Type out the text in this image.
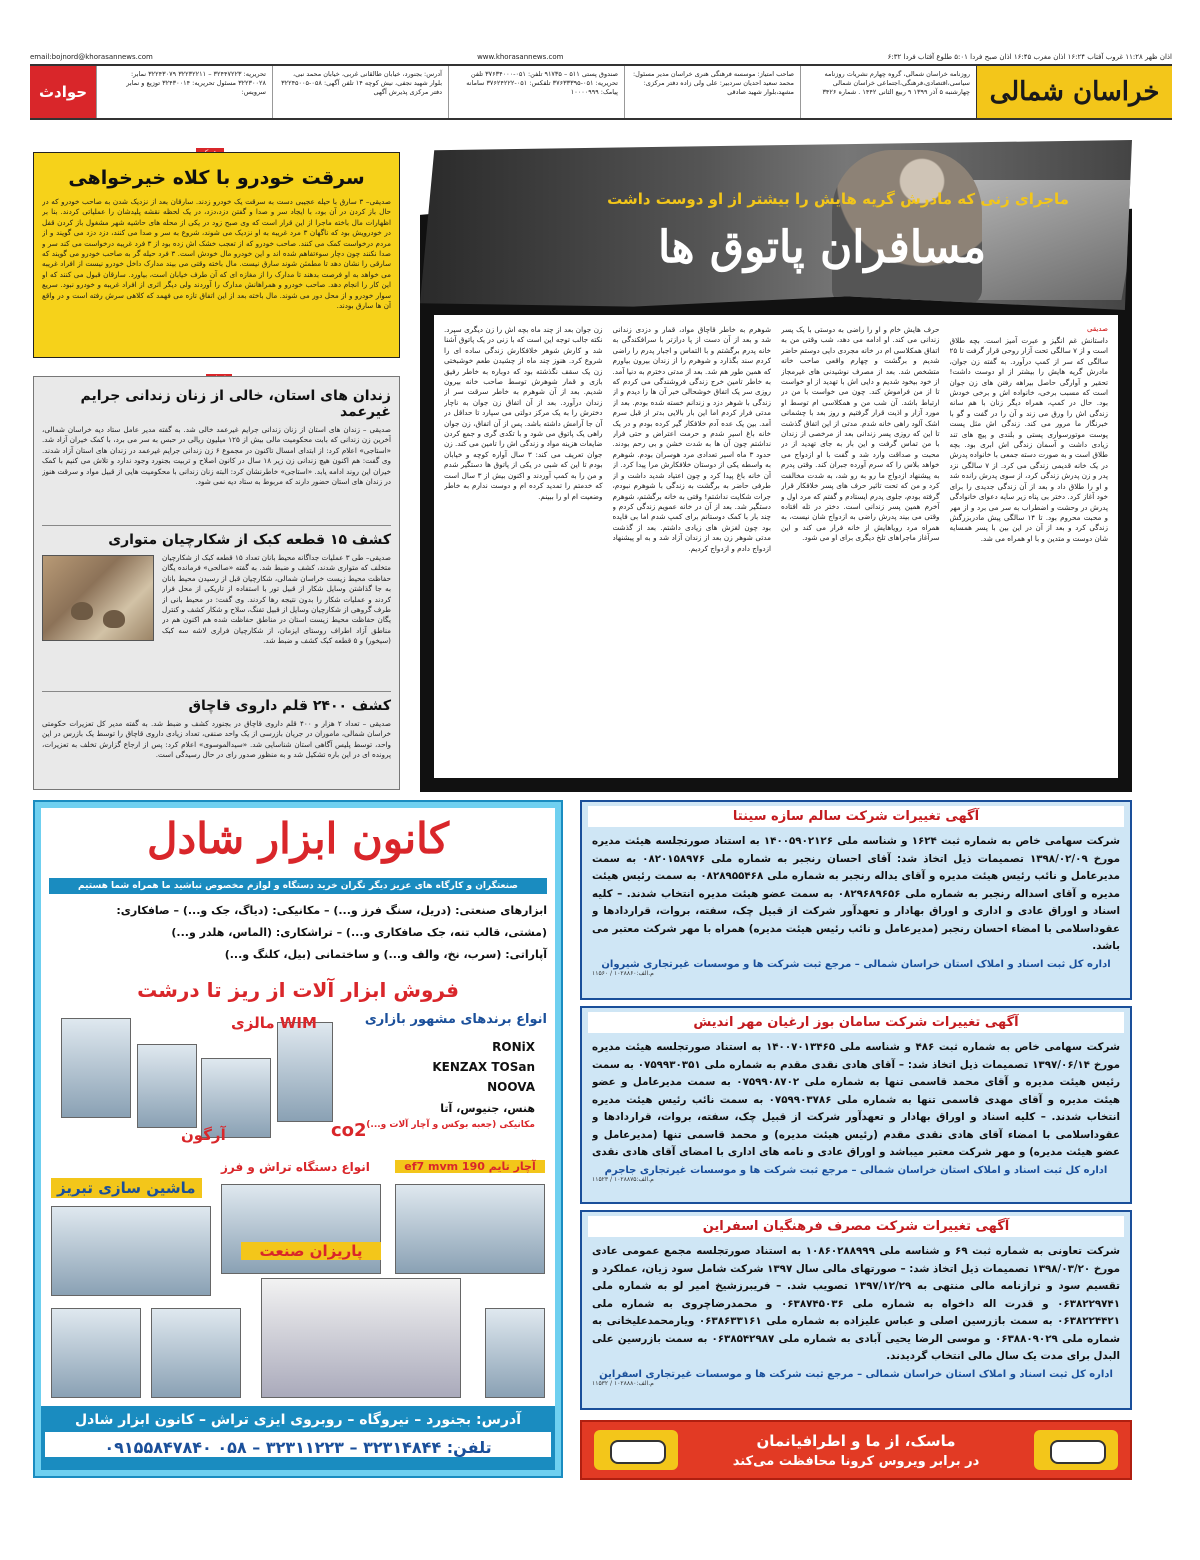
اذان ظهر ۱۱:۲۸ غروب آفتاب ۱۶:۲۴ اذان مغرب ۱۶:۴۵ اذان صبح فردا ۵:۰۱ طلوع آفتاب فردا ۶:۳۲
www.khorasannews.com
email:bojnord@khorasannews.com
خراسان شمالی
روزنامه خراسان شمالی، گروه چهارم نشریات روزنامه سیاسی،اقتصادی،فرهنگی،اجتماعی خراسان شمالی چهارشنبه ۵ آذر ۱۳۹۹ ۹ ربیع الثانی ۱۴۴۲ . شماره ۳۴۲۶
صاحب امتیاز: موسسه فرهنگی هنری خراسان مدیر مسئول: محمد سعید احدیان سردبیر: علی ولی زاده دفتر مرکزی: مشهد،بلوار شهید صادقی
صندوق پستی ۵۱۱ – ۹۱۷۳۵ تلفن: ۰۵۱-۳۷۶۳۴۰۰۰ تلفن تحریریه: ۰۵۱-۳۷۶۳۳۳۹۵ تلفکس: ۰۵۱-۳۷۶۲۴۲۲۲ سامانه پیامک: ۱۰۰۰۰۹۹۹
آدرس: بجنورد، خیابان طالقانی غربی، خیابان محمد نبی، بلوار شهید نجفی، نیش کوچه ۱۴ تلفن آگهی: ۰۵۸-۳۲۲۴۵۰۰۵ دفتر مرکزی پذیرش آگهی
تحریریه: ۳۲۴۴۷۲۲۳ – ۳۲۲۳۲۲۱۱ ۳۲۲۴۳۰۷۹ نمابر: ۳۲۲۳۰۰۲۸ مسئول تحریریه: ۳۲۴۳۰۰۱۴ توزیع و نمابر سرویس:
حوادث
سرقت خودرو با کلاه خیرخواهی
صدیقی– ۳ سارق با حیله عجیبی دست به سرقت یک خودرو زدند. سارقان بعد از نزدیک شدن به صاحب خودرو که در حال باز کردن در آن بود، با ایجاد سر و صدا و گفتن دزد،دزد، در یک لحظه نقشه پلیدشان را عملیاتی کردند. بنا بر اظهارات مال باخته ماجرا از این قرار است که وی صبح زود در یکی از محله های حاشیه شهر مشغول باز کردن قفل در خودرویش بود که ناگهان ۳ مرد غریبه به او نزدیک می شوند، شروع به سر و صدا می کنند، دزد دزد می گویند و از مردم درخواست کمک می کنند. صاحب خودرو که از تعجب خشک اش زده بود از ۳ فرد غریبه درخواست می کند سر و صدا نکنند چون دچار سوءتفاهم شده اند و این خودرو مال خودش است. ۳ فرد حیله گر به صاحب خودرو می گویند که سارقی را نشان دهد تا مطمئن شوند سارق نیست. مال باخته وقتی می بیند مدارک داخل خودرو نیست از افراد غریبه می خواهد به او فرصت بدهند تا مدارک را از مغازه ای که آن طرف خیابان است، بیاورد. سارقان قبول می کنند که او این کار را انجام دهد. صاحب خودرو و همراهانش مدارک را آوردند ولی دیگر اثری از افراد غریبه و خودرو نبود. سریع سوار خودرو و از محل دور می شوند. مال باخته بعد از این اتفاق تازه می فهمد که کلاهی سرش رفته است و در واقع آن ها سارق بودند.
زندان های استان، خالی از زنان زندانی جرایم غیرعمد
صدیقی – زندان های استان از زنان زندانی جرایم غیرعمد خالی شد. به گفته مدیر عامل ستاد دیه خراسان شمالی، آخرین زن زندانی که بابت محکومیت مالی بیش از ۱۲۵ میلیون ریالی در حبس به سر می برد، با کمک خیران آزاد شد. «استاجی» اعلام کرد: از ابتدای امسال تاکنون در مجموع ۶ زن زندانی جرایم غیرعمد در زندان های استان آزاد شدند. وی گفت: هم اکنون هیچ زندانی زن زیر ۱۸ سال در کانون اصلاح و تربیت بجنورد وجود ندارد و تلاش می کنیم با کمک خیران این روند ادامه یابد. «استاجی» خاطرنشان کرد: البته زنان زندانی با محکومیت هایی از قبیل مواد و سرقت هنوز در زندان های استان حضور دارند که مربوط به ستاد دیه نمی شود.
کشف ۱۵ قطعه کبک از شکارچیان متواری
صدیقی– طی ۳ عملیات جداگانه محیط بانان تعداد ۱۵ قطعه کبک از شکارچیان متخلف که متواری شدند، کشف و ضبط شد. به گفته «صالحی» فرمانده یگان حفاظت محیط زیست خراسان شمالی، شکارچیان قبل از رسیدن محیط بانان به جا گذاشتن وسایل شکار از قبیل تور با استفاده از تاریکی از محل فرار کردند و عملیات شکار را بدون نتیجه رها کردند. وی گفت: در محیط بانی از طرف گروهی از شکارچیان وسایل از قبیل تفنگ، سلاح و شکار کشف و کنترل یگان حفاظت محیط زیست استان در مناطق حفاظت شده هم اکنون هم در مناطق آزاد اطراف روستای ایزمان، از شکارچیان فراری لاشه سه کبک (سیخور) و ۵ قطعه کبک کشف و ضبط شد.
کشف ۲۴۰۰ قلم داروی قاچاق
صدیقی – تعداد ۲ هزار و ۴۰۰ قلم داروی قاچاق در بجنورد کشف و ضبط شد. به گفته مدیر کل تعزیرات حکومتی خراسان شمالی، ماموران در جریان بازرسی از یک واحد صنفی، تعداد زیادی داروی قاچاق را توسط یک بازرس در این واحد، توسط پلیس آگاهی استان شناسایی شد. «سیدالموسوی» اعلام کرد: پس از ارجاع گزارش تخلف به تعزیرات، پرونده ای در این باره تشکیل شد و به منظور صدور رای در حال رسیدگی است.
ماجرای زنی که مادرش گریه هایش را بیشتر از او دوست داشت
مسافران پاتوق ها
صدیقی
داستانش غم انگیز و عبرت آمیز است. بچه طلاق است و از ۷ سالگی تحت آزار روحی قرار گرفت تا ۲۵ سالگی که سر از کمپ درآورد. به گفته زن جوان، مادرش گریه هایش را بیشتر از او دوست داشت! تحقیر و آوارگی حاصل بیراهه رفتن های زن جوان است که مسبب برخی، خانواده اش و برخی خودش بود. حال در کمپ، همراه دیگر زنان با هم سانه زندگی اش را ورق می زند و آن را در گفت و گو با خبرنگار ما مرور می کند. زندگی اش مثل پست پوست موتورسواری پستی و بلندی و پیچ های تند زیادی داشت و آسمان زندگی اش ابری بود. بچه طلاق است و به صورت دسته جمعی با خانواده پدرش در یک خانه قدیمی زندگی می کرد. از ۷ سالگی نزد پدر و زن پدرش زندگی کرد، از سوی پدرش رانده شد و او را طلاق داد و بعد از آن زندگی جدیدی را برای خود آغاز کرد. دختر بی پناه زیر سایه دعوای خانوادگی پدرش در وحشت و اضطراب به سر می برد و از مهر و محبت محروم بود. تا ۱۴ سالگی پیش مادربزرگش زندگی کرد و بعد از آن در این بین با پسر همسایه شان دوست و متدین و با او همراه می شد.
حرف هایش خام و او را راضی به دوستی با یک پسر زندانی می کند. او ادامه می دهد، شب وقتی من به اتفاق همکلاسی ام در خانه مجردی دایی دوستم حاضر شدیم و برگشت و چهارم واقعی صاحب خانه متشخص شد. بعد از مصرف نوشیدنی های غیرمجاز از خود بیخود شدیم و دایی اش با تهدید از او خواست تا از من فراموش کند. چون می خواست با من در ارتباط باشد. آن شب من و همکلاسی ام توسط او مورد آزار و اذیت قرار گرفتیم و روز بعد با چشمانی اشک آلود راهی خانه شدم. مدتی از این اتفاق گذشت تا این که روزی پسر زندانی بعد از مرخصی از زندان با من تماس گرفت و این بار به جای تهدید از در محبت و صداقت وارد شد و گفت با او ازدواج می خواهد بلاس را که سرم آورده جبران کند. وقتی پدرم به پیشنهاد ازدواج ما رو به رو شد، به شدت مخالفت کرد و من که تحت تاثیر حرف های پسر خلافکار قرار گرفته بودم، جلوی پدرم ایستادم و گفتم که مرد اول و آخرم همین پسر زندانی است. دختر در تله افتاده وقتی می بیند پدرش راضی به ازدواج شان نیست، به همراه مرد رویاهایش از خانه فرار می کند و این سرآغاز ماجراهای تلخ دیگری برای او می شود.
شوهرم به خاطر قاچاق مواد، قمار و دزدی زندانی شد و بعد از آن دست از پا درازتر با سرافکندگی به خانه پدرم برگشتم و با التماس و اجبار پدرم را راضی کردم سند بگذارد و شوهرم را از زندان بیرون بیاورم که همین طور هم شد. بعد از مدتی دخترم به دنیا آمد. به خاطر تامین خرج زندگی فروشندگی می کردم که روزی سر یک اتفاق خوشحالی خبر آن ها را دیدم و از زندگی با شوهر دزد و زندانم خسته شده بودم. بعد از مدتی فرار کردم اما این بار بالایی بدتر از قبل سرم آمد. بین یک عده آدم خلافکار گیر کرده بودم و در یک خانه باغ اسیر شدم و حرمت اعتراض و حتی فرار نداشتم چون آن ها به شدت خشن و بی رحم بودند. حدود ۳ ماه اسیر تعدادی مرد هوسران بودم. شوهرم به واسطه یکی از دوستان خلافکارش مرا پیدا کرد. از آن خانه باغ پیدا کرد و چون اعتیاد شدید داشت و از طرفی حاضر به برگشت به زندگی با شوهرم نبودم، جرات شکایت نداشتم! وقتی به خانه برگشتم، شوهرم دستگیر شد. بعد از آن در خانه عمویم زندگی کردم و چند بار با کمک دوستانم برای کمپ شدم اما بی فایده بود چون لغزش های زیادی داشتم. بعد از گذشت مدتی شوهر زن بعد از زندان آزاد شد و به او پیشنهاد ازدواج دادم و ازدواج کردیم.
زن جوان بعد از چند ماه بچه اش را زن دیگری سپرد. نکته جالب توجه این است که با زنی در یک پاتوق آشنا شد و کارش شوهر خلافکارش زندگی ساده ای را شروع کرد. هنوز چند ماه از چشیدن طعم خوشبختی زن یک سقف نگذشته بود که دوباره به خاطر رفیق بازی و قمار شوهرش توسط صاحب خانه بیرون شدیم. بعد از آن شوهرم به خاطر سرقت سر از زندان درآورد. بعد از آن اتفاق زن جوان به ناچار دخترش را به یک مرکز دولتی می سپارد تا حداقل در آن جا آرامش داشته باشد. پس از آن اتفاق، زن جوان راهی یک پاتوق می شود و با تکدی گری و جمع کردن ضایعات هزینه مواد و زندگی اش را تامین می کند. زن جوان تعریف می کند: ۳ سال آواره کوچه و خیابان بودم تا این که شبی در یکی از پاتوق ها دستگیر شدم و من را به کمپ آوردند و اکنون بیش از ۳ سال است که خدمتم را تمدید کرده ام و دوست ندارم به خاطر وضعیت ام او را ببینم.
کانون ابزار شادل
صنعتگران و کارگاه های عزیز دیگر نگران خرید دستگاه و لوازم مخصوص نباشید ما همراه شما هستیم
ابزارهای صنعتی: (دریل، سنگ فرز و...) – مکانیکی: (دیاگ، جک و...) – صافکاری:
(مشتی، قالب تنه، جک صافکاری و...) – تراشکاری: (الماس، هلدر و...)
آپاراتی: (سرب، نخ، والف و...) و ساختمانی (بیل، کلنگ و...)
فروش ابزار آلات از ریز تا درشت
انواع برندهای مشهور بازاری
WIM مالزی
RONiX
KENZAX TOSan
NOOVA
هنس، جنیوس، آتا
مکانیکی (جعبه بوکس و آچار آلات و...)
آرگون	co2
آچار تایم ef7 mvm 190
انواع دستگاه تراش و فرز
ماشین سازی تبریز
پاریزان صنعت
آدرس: بجنورد – نیروگاه – روبروی ایزی تراش – کانون ابزار شادل
تلفن: ۳۲۳۱۴۸۴۴ – ۳۲۳۱۱۲۲۳ – ۰۵۸ ۰۹۱۵۵۸۴۷۸۴۰
آگهی تغییرات شرکت سالم سازه سینتا
شرکت سهامی خاص به شماره ثبت ۱۶۲۴ و شناسه ملی ۱۴۰۰۵۹۰۲۱۲۶ به استناد صورتجلسه هیئت مدیره مورخ ۱۳۹۸/۰۲/۰۹ تصمیمات ذیل اتخاذ شد: آقای احسان رنجبر به شماره ملی ۰۸۲۰۱۵۸۹۷۶ به سمت مدیرعامل و نائب رئیس هیئت مدیره و آقای یداله رنجبر به شماره ملی ۰۸۲۸۹۵۵۴۶۸ به سمت رئیس هیئت مدیره و آقای اسداله رنجبر به شماره ملی ۰۸۲۹۶۸۹۶۵۶ به سمت عضو هیئت مدیره انتخاب شدند. – کلیه اسناد و اوراق عادی و اداری و اوراق بهادار و تعهدآور شرکت از قبیل چک، سفته، بروات، قراردادها و عقوداسلامی با امضاء احسان رنجبر (مدیرعامل و نائب رئیس هیئت مدیره) همراه با مهر شرکت معتبر می باشد.
اداره کل ثبت اسناد و املاک استان خراسان شمالی – مرجع ثبت شرکت ها و موسسات غیرتجاری شیروان
م.الف:۱۰۲۸۸۶۰ / ۱۱۵۶۰
آگهی تغییرات شرکت سامان بوز ارغیان مهر اندیش
شرکت سهامی خاص به شماره ثبت ۴۸۶ و شناسه ملی ۱۴۰۰۷۰۱۳۴۶۵ به استناد صورتجلسه هیئت مدیره مورخ ۱۳۹۷/۰۶/۱۴ تصمیمات ذیل اتخاذ شد: – آقای هادی نقدی مقدم به شماره ملی ۰۷۵۹۹۳۰۳۵۱ به سمت رئیس هیئت مدیره و آقای محمد قاسمی تنها به شماره ملی ۰۷۵۹۹۰۸۷۰۲ به سمت مدیرعامل و عضو هیئت مدیره و آقای مهدی قاسمی تنها به شماره ملی ۰۷۵۹۹۰۳۷۸۶ به سمت نائب رئیس هیئت مدیره انتخاب شدند. – کلیه اسناد و اوراق بهادار و تعهدآور شرکت از قبیل چک، سفته، بروات، قراردادها و عقوداسلامی با امضاء آقای هادی نقدی مقدم (رئیس هیئت مدیره) و محمد قاسمی تنها (مدیرعامل و عضو هیئت مدیره) و مهر شرکت معتبر میباشد و اوراق عادی و نامه های اداری با امضای آقای هادی نقدی
اداره کل ثبت اسناد و املاک استان خراسان شمالی – مرجع ثبت شرکت ها و موسسات غیرتجاری جاجرم
م.الف:۱۰۲۸۸۷۵ / ۱۱۵۲۳
آگهی تغییرات شرکت مصرف فرهنگیان اسفراین
شرکت تعاونی به شماره ثبت ۶۹ و شناسه ملی ۱۰۸۶۰۲۸۸۹۹۹ به استناد صورتجلسه مجمع عمومی عادی مورخ ۱۳۹۸/۰۳/۲۰ تصمیمات ذیل اتخاذ شد: – صورتهای مالی سال ۱۳۹۷ شرکت شامل سود زیان، عملکرد و تقسیم سود و ترازنامه مالی منتهی به ۱۳۹۷/۱۲/۲۹ تصویب شد. – فریبرزشیخ امیر لو به شماره ملی ۰۶۳۸۲۲۹۷۴۱ و قدرت اله داخواه به شماره ملی ۰۶۳۸۷۴۵۰۳۶ و محمدرضاچروی به شماره ملی ۰۶۳۸۲۲۴۴۲۱ به سمت بازرسین اصلی و عباس علیزاده به شماره ملی ۰۶۳۸۶۳۳۱۶۱ ویارمحمدعلیخانی به شماره ملی ۰۶۳۸۸۰۹۰۲۹ و موسی الرضا یحیی آبادی به شماره ملی ۰۶۳۸۵۴۲۹۸۷ به سمت بازرسین علی البدل برای مدت یک سال مالی انتخاب گردیدند.
اداره کل ثبت اسناد و املاک استان خراسان شمالی – مرجع ثبت شرکت ها و موسسات غیرتجاری اسفراین
م.الف:۱۰۲۸۸۸۰ / ۱۱۵۳۲
ماسک، از ما و اطرافیانمان
در برابر ویروس کرونا محافظت می‌کند
